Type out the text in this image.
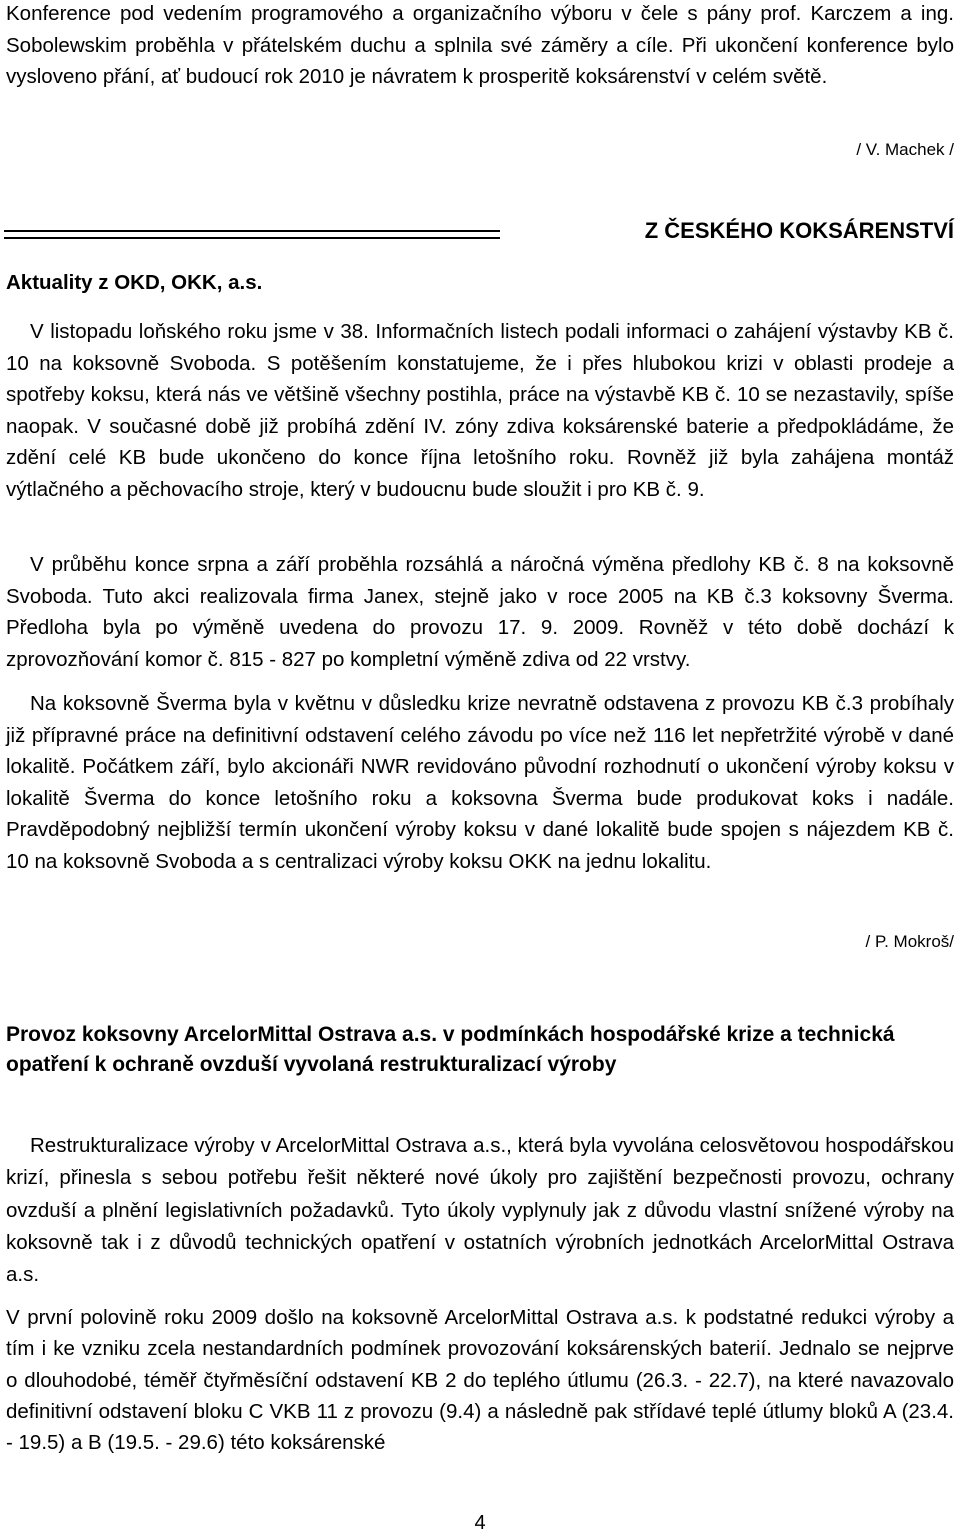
Konference pod vedením programového a organizačního výboru v čele s pány prof. Karczem a ing. Sobolewskim proběhla v přátelském duchu a splnila své záměry a cíle. Při ukončení konference bylo vysloveno přání, ať budoucí rok 2010 je návratem k prosperitě koksárenství v celém světě.

/ V. Machek /
Z ČESKÉHO KOKSÁRENSTVÍ
Aktuality z OKD, OKK, a.s.

V listopadu loňského roku jsme v 38. Informačních listech podali informaci o zahájení výstavby KB č. 10 na koksovně Svoboda. S potěšením konstatujeme, že i přes hlubokou krizi v oblasti prodeje a spotřeby koksu, která nás ve většině všechny postihla, práce na výstavbě KB č. 10 se nezastavily, spíše naopak. V současné době již probíhá zdění IV. zóny zdiva koksárenské baterie a předpokládáme, že zdění celé KB bude ukončeno do konce října letošního roku. Rovněž již byla zahájena montáž výtlačného a pěchovacího stroje, který v budoucnu bude sloužit i pro KB č. 9.

V průběhu konce srpna a září proběhla rozsáhlá a náročná výměna předlohy KB č. 8 na koksovně Svoboda. Tuto akci realizovala firma Janex, stejně jako v roce 2005 na KB č.3 koksovny Šverma. Předloha byla po výměně uvedena do provozu 17. 9. 2009. Rovněž v této době dochází k zprovozňování komor č. 815 - 827 po kompletní výměně zdiva od 22 vrstvy.

Na koksovně Šverma byla v květnu v důsledku krize nevratně odstavena z provozu KB č.3 probíhaly již přípravné práce na definitivní odstavení celého závodu po více než 116 let nepřetržité výrobě v dané lokalitě. Počátkem září, bylo akcionáři NWR revidováno původní rozhodnutí o ukončení výroby koksu v lokalitě Šverma do konce letošního roku a koksovna Šverma bude produkovat koks i nadále. Pravděpodobný nejbližší termín ukončení výroby koksu v dané lokalitě bude spojen s nájezdem KB č. 10 na koksovně Svoboda a s centralizaci výroby koksu OKK na jednu lokalitu.

/ P. Mokroš/
Provoz koksovny ArcelorMittal Ostrava a.s. v podmínkách hospodářské krize a technická opatření k ochraně ovzduší vyvolaná restrukturalizací výroby

Restrukturalizace výroby v ArcelorMittal Ostrava a.s., která byla vyvolána celosvětovou hospodářskou krizí, přinesla s sebou potřebu řešit některé nové úkoly pro zajištění bezpečnosti provozu, ochrany ovzduší a plnění legislativních požadavků. Tyto úkoly vyplynuly jak z důvodu vlastní snížené výroby na koksovně tak i z důvodů technických opatření v ostatních výrobních jednotkách ArcelorMittal Ostrava a.s.

V první polovině roku 2009 došlo na koksovně ArcelorMittal Ostrava a.s. k podstatné redukci výroby a tím i ke vzniku zcela nestandardních podmínek provozování koksárenských baterií. Jednalo se nejprve o dlouhodobé, téměř čtyřměsíční odstavení KB 2 do teplého útlumu (26.3. - 22.7), na které navazovalo definitivní odstavení bloku C VKB 11 z provozu (9.4) a následně pak střídavé teplé útlumy bloků A (23.4. - 19.5) a B (19.5. - 29.6) této koksárenské

4
